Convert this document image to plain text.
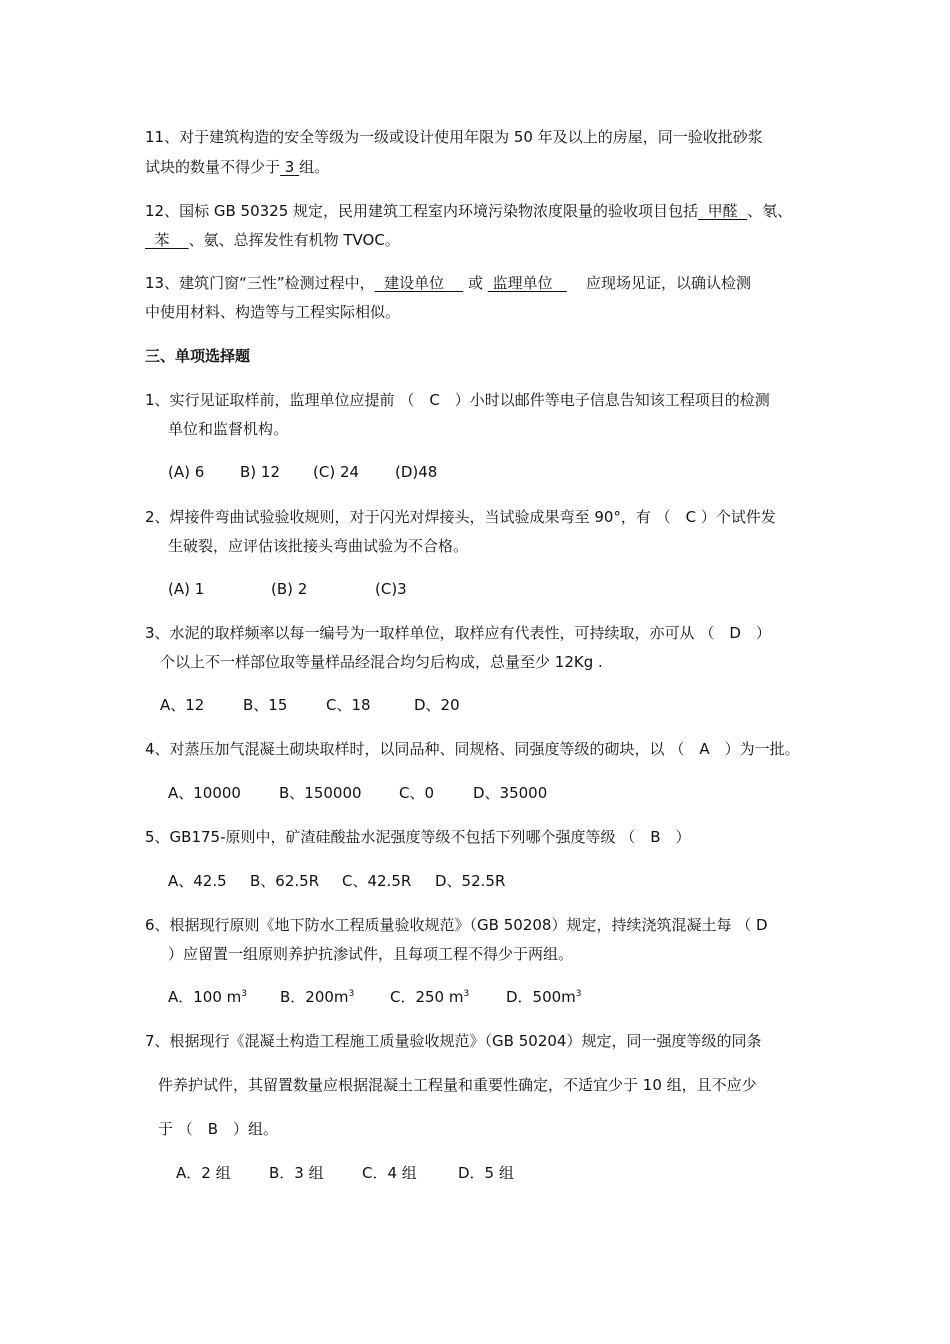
11、对于建筑构造的安全等级为一级或设计使用年限为 50 年及以上的房屋，同一验收批砂浆
试块的数量不得少于 3 组。
12、国标 GB 50325 规定，民用建筑工程室内环境污染物浓度限量的验收项目包括  甲醛  、氡、
苯    、氨、总挥发性有机物 TVOC。
13、建筑门窗“三性”检测过程中，  建设单位     或  监理单位       应现场见证，以确认检测
中使用材料、构造等与工程实际相似。
三、单项选择题
1、实行见证取样前，监理单位应提前 （　C　）小时以邮件等电子信息告知该工程项目的检测
单位和监督机构。
(A) 6 B) 12 (C) 24 (D)48
2、焊接件弯曲试验验收规则，对于闪光对焊接头，当试验成果弯至 90°，有 （　C ）个试件发
生破裂，应评估该批接头弯曲试验为不合格。
(A) 1	(B) 2	(C)3
3、水泥的取样频率以每一编号为一取样单位，取样应有代表性，可持续取，亦可从 （　D　）
个以上不一样部位取等量样品经混合均匀后构成，总量至少 12Kg .
A、12	B、15	C、18	D、20
4、对蒸压加气混凝土砌块取样时，以同品种、同规格、同强度等级的砌块，以 （　A　）为一批。
A、10000	B、150000 C、0	D、35000
5、GB175-原则中，矿渣硅酸盐水泥强度等级不包括下列哪个强度等级 （　B　）
A、42.5 B、62.5R C、42.5R D、52.5R
6、根据现行原则《地下防水工程质量验收规范》（GB 50208）规定，持续浇筑混凝土每 （ D
）应留置一组原则养护抗渗试件，且每项工程不得少于两组。
A．100 $m^3$ B．$200m^3$ C．250 $m^3$ D．$500m^3$
7、根据现行《混凝土构造工程施工质量验收规范》（GB 50204）规定，同一强度等级的同条
件养护试件，其留置数量应根据混凝土工程量和重要性确定，不适宜少于 10 组，且不应少
于 （　B　）组。
A．2 组	B．3 组	C．4 组	D．5 组
